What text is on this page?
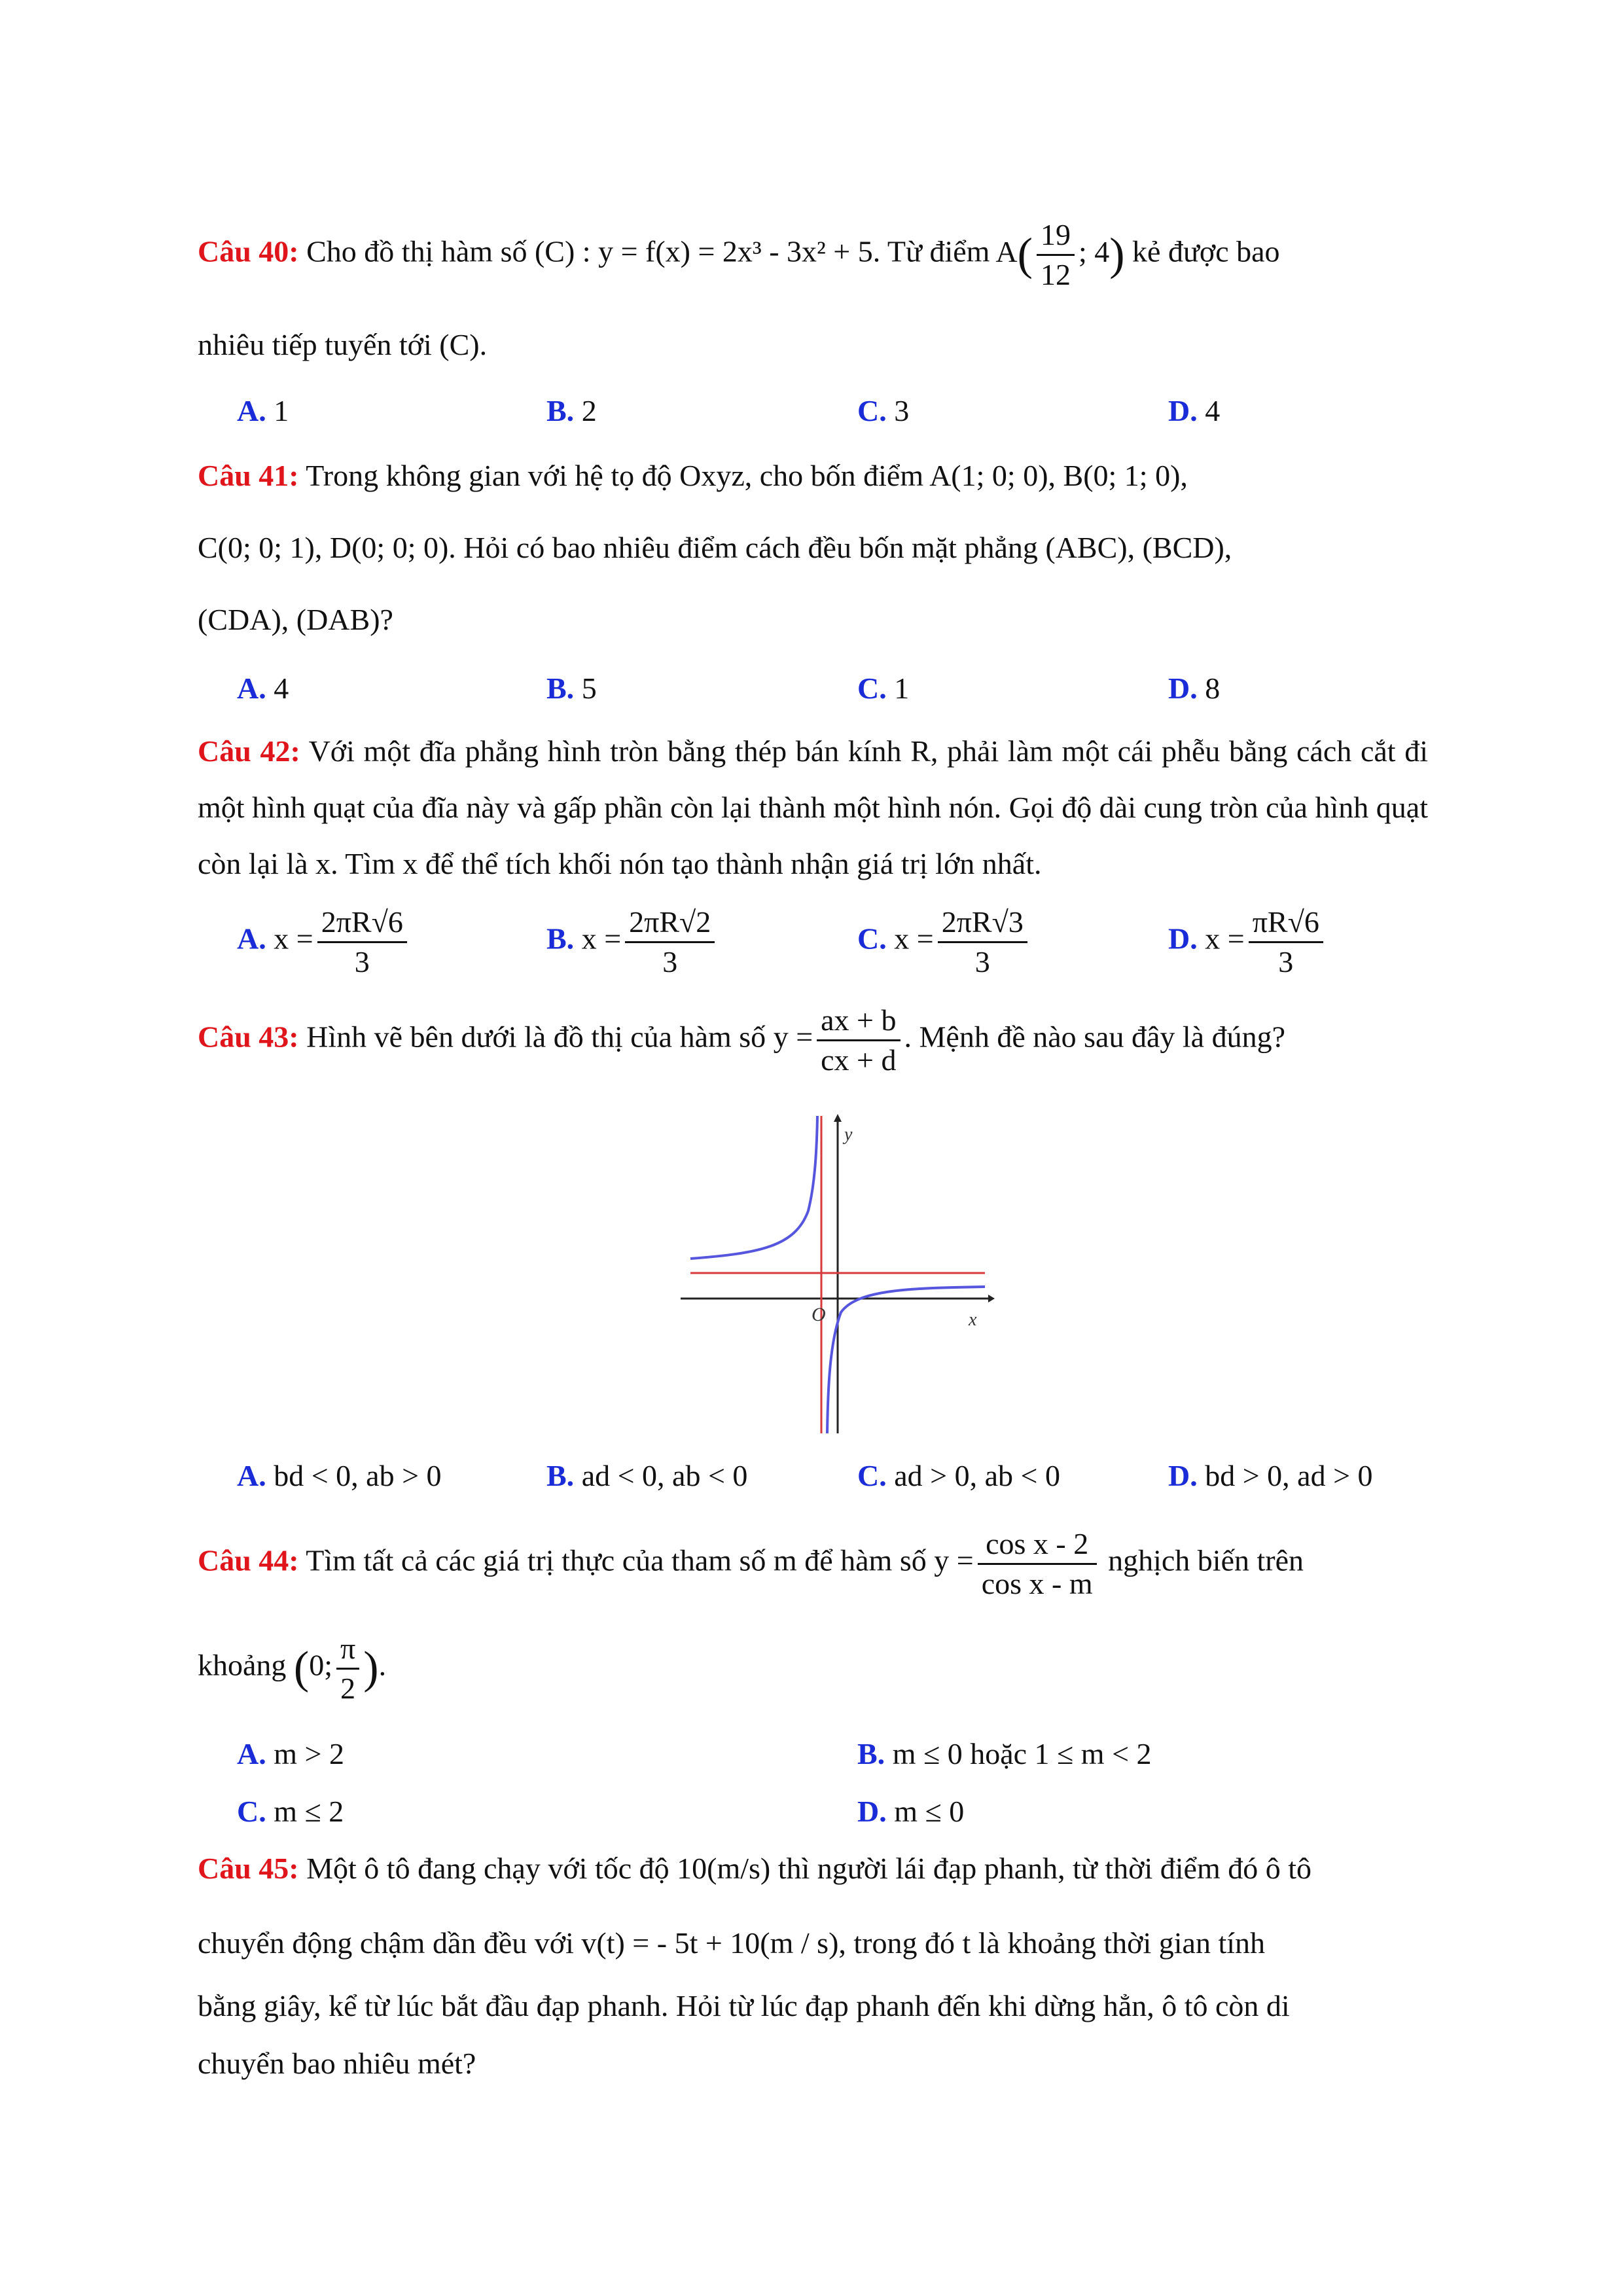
Câu 40: Cho đồ thị hàm số (C) : y = f(x) = 2x³ - 3x² + 5. Từ điểm $A( \frac{19}{12}$ ; 4) kẻ được bao
nhiêu tiếp tuyến tới (C).
A. 1	B. 2	C. 3	D. 4
Câu 41: Trong không gian với hệ tọ độ Oxyz, cho bốn điểm A(1; 0; 0), B(0; 1; 0),
C(0; 0; 1), D(0; 0; 0). Hỏi có bao nhiêu điểm cách đều bốn mặt phẳng (ABC), (BCD),
(CDA), (DAB)?
A. 4	B. 5	C. 1	D. 8
Câu 42: Với một đĩa phẳng hình tròn bằng thép bán kính R, phải làm một cái phễu bằng cách cắt đi một hình quạt của đĩa này và gấp phần còn lại thành một hình nón. Gọi độ dài cung tròn của hình quạt còn lại là x. Tìm x để thể tích khối nón tạo thành nhận giá trị lớn nhất.
A. $x = \frac{2\pi R√6}{3}$	B. $x = \frac{2\pi R√2}{3}$	C. $x = \frac{2\pi R√3}{3}$	D. $x = \frac{\pi R√6}{3}$
Câu 43: Hình vẽ bên dưới là đồ thị của hàm số $y = \frac{ax + b}{cx + d}$ . Mệnh đề nào sau đây là đúng?
y
x
O
A. bd < 0, ab > 0	B. ad < 0, ab < 0	C. ad > 0, ab < 0	D. bd > 0, ad > 0
Câu 44: Tìm tất cả các giá trị thực của tham số m để hàm số $y = \frac{\text{cos x - 2}}{\text{cos x - m}}$ nghịch biến trên
khoảng (0; $\frac{\pi}{2}$ ).
A. m > 2	B. m ≤ 0 hoặc 1 ≤ m < 2
C. m ≤ 2	D. m ≤ 0
Câu 45: Một ô tô đang chạy với tốc độ 10(m/s) thì người lái đạp phanh, từ thời điểm đó ô tô
chuyển động chậm dần đều với v(t) = - 5t + 10(m / s), trong đó t là khoảng thời gian tính
bằng giây, kể từ lúc bắt đầu đạp phanh. Hỏi từ lúc đạp phanh đến khi dừng hẳn, ô tô còn di
chuyển bao nhiêu mét?
